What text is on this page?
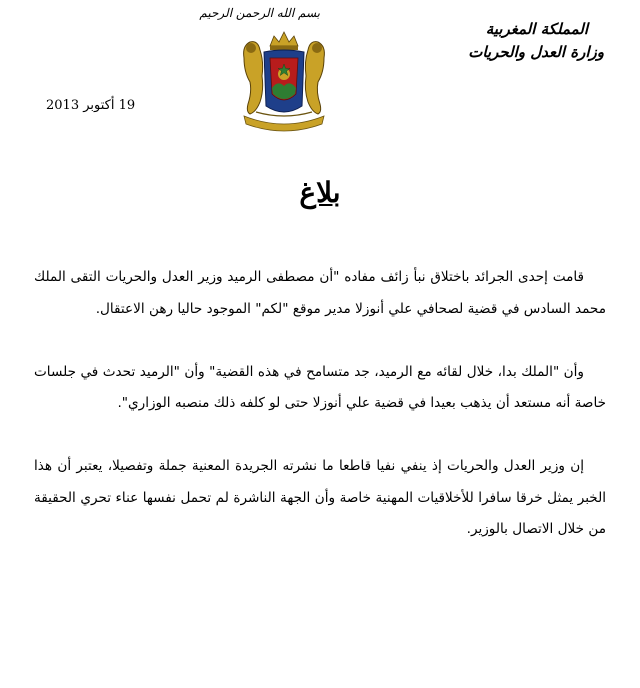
بسم الله الرحمن الرحيم
المملكة المغربية
وزارة العدل والحريات
19 أكتوبر 2013
بلاغ

قامت إحدى الجرائد باختلاق نبأ زائف مفاده "أن مصطفى الرميد وزير العدل والحريات التقى الملك محمد السادس في قضية لصحافي علي أنوزلا مدير موقع "لكم" الموجود حاليا رهن الاعتقال.

وأن "الملك بدا، خلال لقائه مع الرميد، جد متسامح في هذه القضية" وأن "الرميد تحدث في جلسات خاصة أنه مستعد أن يذهب بعيدا في قضية علي أنوزلا حتى لو كلفه ذلك منصبه الوزاري".

إن وزير العدل والحريات إذ ينفي نفيا قاطعا ما نشرته الجريدة المعنية جملة وتفصيلا، يعتبر أن هذا الخبر يمثل خرقا سافرا للأخلاقيات المهنية خاصة وأن الجهة الناشرة لم تحمل نفسها عناء تحري الحقيقة من خلال الاتصال بالوزير.
